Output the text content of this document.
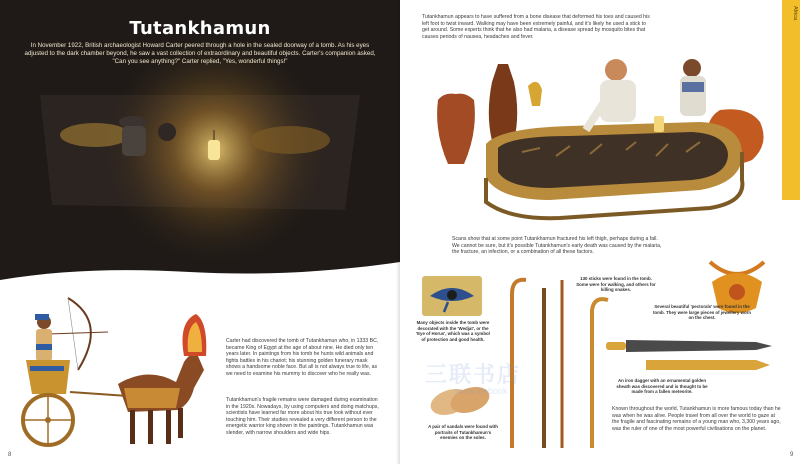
Tutankhamun
In November 1922, British archaeologist Howard Carter peered through a hole in the sealed doorway of a tomb. As his eyes adjusted to the dark chamber beyond, he saw a vast collection of extraordinary and beautiful objects. Carter's companion asked, "Can you see anything?" Carter replied, "Yes, wonderful things!"
Carter had discovered the tomb of Tutankhamun who, in 1333 BC, became King of Egypt at the age of about nine. He died only ten years later. In paintings from his tomb he hunts wild animals and fights battles in his chariot; his stunning golden funerary mask shows a handsome noble face. But all is not always true to life, as we need to examine his mummy to discover who he really was.
Tutankhamun's fragile remains were damaged during examination in the 1920s. Nowadays, by using computers and doing matchups, scientists have learned far more about his true look without ever touching him. Their studies revealed a very different person to the energetic warrior king shown in the paintings. Tutankhamun was slender, with narrow shoulders and wide hips.
8
Tutankhamun appears to have suffered from a bone disease that deformed his toes and caused his left foot to twist inward. Walking may have been extremely painful, and it's likely he used a stick to get around. Some experts think that he also had malaria, a disease spread by mosquito bites that causes periods of nausea, headaches and fever.
Scans show that at some point Tutankhamun fractured his left thigh, perhaps during a fall. We cannot be sure, but it's possible Tutankhamun's early death was caused by the malaria, the fracture, an infection, or a combination of all these factors.
Many objects inside the tomb were decorated with the 'Wedjat', or the 'Eye of Horus', which was a symbol of protection and good health.
130 sticks were found in the tomb. Some were for walking, and others for killing snakes.
Several beautiful 'pectorals' were found in the tomb. They were large pieces of jewellery worn on the chest.
An iron dagger with an ornamental golden sheath was discovered and is thought to be made from a fallen meteorite.
A pair of sandals were found with portraits of Tutankhamun's enemies on the soles.
Known throughout the world, Tutankhamun is more famous today than he was when he was alive. People travel from all over the world to gaze at the fragile and fascinating remains of a young man who, 3,300 years ago, was the ruler of one of the most powerful civilisations on the planet.
9
Africa
三联书店
www.lifebook
